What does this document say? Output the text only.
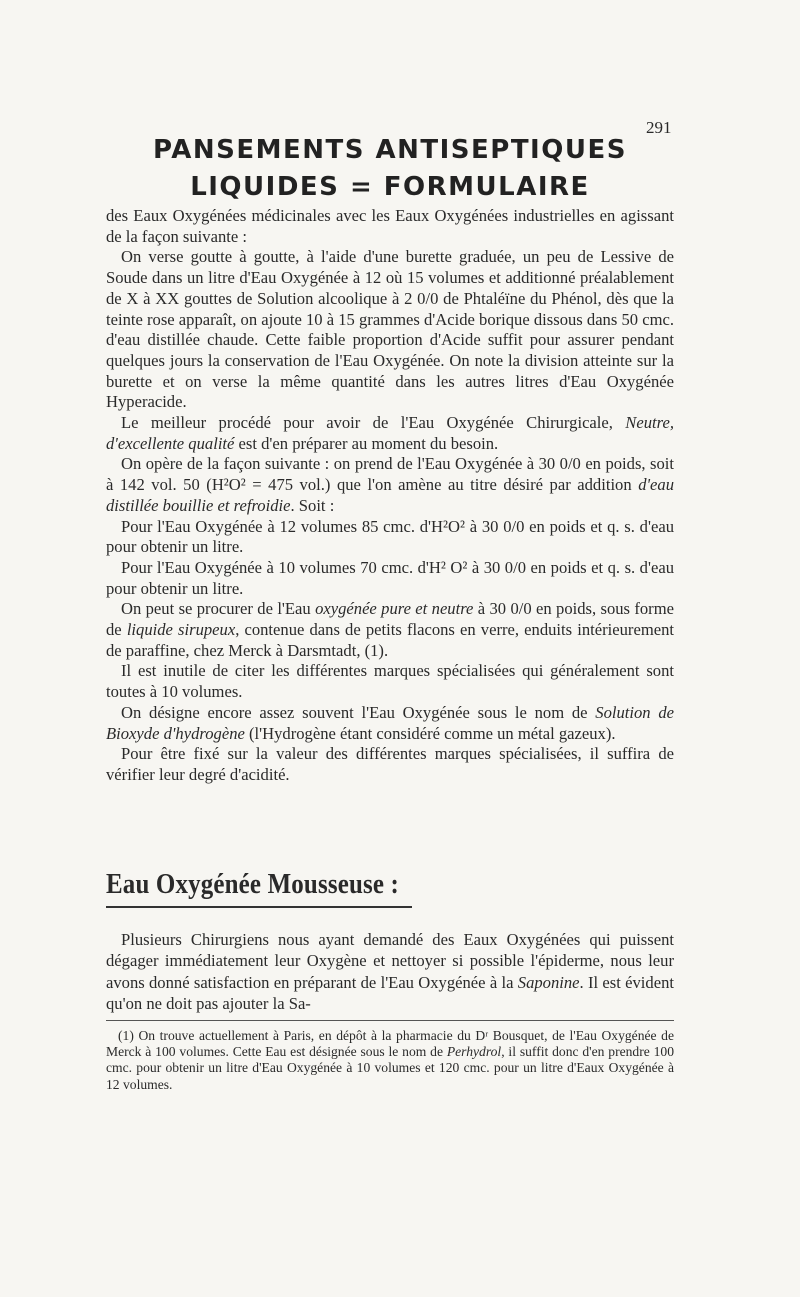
291
PANSEMENTS ANTISEPTIQUES
LIQUIDES = FORMULAIRE

des Eaux Oxygénées médicinales avec les Eaux Oxygénées industrielles en agissant de la façon suivante :

On verse goutte à goutte, à l'aide d'une burette graduée, un peu de Lessive de Soude dans un litre d'Eau Oxygénée à 12 où 15 volumes et additionné préalablement de X à XX gouttes de Solution alcoolique à 2 0/0 de Phtaléïne du Phénol, dès que la teinte rose apparaît, on ajoute 10 à 15 grammes d'Acide borique dissous dans 50 cmc. d'eau distillée chaude. Cette faible proportion d'Acide suffit pour assurer pendant quelques jours la conservation de l'Eau Oxygénée. On note la division atteinte sur la burette et on verse la même quantité dans les autres litres d'Eau Oxygénée Hyperacide.

Le meilleur procédé pour avoir de l'Eau Oxygénée Chirurgicale, Neutre, d'excellente qualité est d'en préparer au moment du besoin.

On opère de la façon suivante : on prend de l'Eau Oxygénée à 30 0/0 en poids, soit à 142 vol. 50 (H²O² = 475 vol.) que l'on amène au titre désiré par addition d'eau distillée bouillie et refroidie. Soit :

Pour l'Eau Oxygénée à 12 volumes 85 cmc. d'H²O² à 30 0/0 en poids et q. s. d'eau pour obtenir un litre.

Pour l'Eau Oxygénée à 10 volumes 70 cmc. d'H² O² à 30 0/0 en poids et q. s. d'eau pour obtenir un litre.

On peut se procurer de l'Eau oxygénée pure et neutre à 30 0/0 en poids, sous forme de liquide sirupeux, contenue dans de petits flacons en verre, enduits intérieurement de paraffine, chez Merck à Darsmtadt, (1).

Il est inutile de citer les différentes marques spécialisées qui généralement sont toutes à 10 volumes.

On désigne encore assez souvent l'Eau Oxygénée sous le nom de Solution de Bioxyde d'hydrogène (l'Hydrogène étant considéré comme un métal gazeux).

Pour être fixé sur la valeur des différentes marques spécialisées, il suffira de vérifier leur degré d'acidité.

Eau Oxygénée Mousseuse :

Plusieurs Chirurgiens nous ayant demandé des Eaux Oxygénées qui puissent dégager immédiatement leur Oxygène et nettoyer si possible l'épiderme, nous leur avons donné satisfaction en préparant de l'Eau Oxygénée à la Saponine. Il est évident qu'on ne doit pas ajouter la Sa-

(1) On trouve actuellement à Paris, en dépôt à la pharmacie du Dʳ Bousquet, de l'Eau Oxygénée de Merck à 100 volumes. Cette Eau est désignée sous le nom de Perhydrol, il suffit donc d'en prendre 100 cmc. pour obtenir un litre d'Eau Oxygénée à 10 volumes et 120 cmc. pour un litre d'Eaux Oxygénée à 12 volumes.
